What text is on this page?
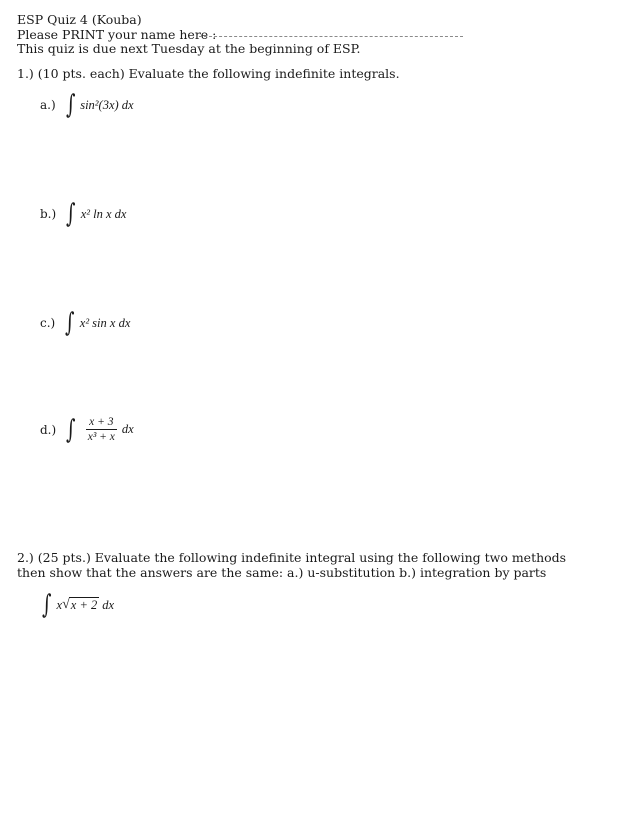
ESP Quiz 4 (Kouba)
Please PRINT your name here :
This quiz is due next Tuesday at the beginning of ESP.
1.) (10 pts. each) Evaluate the following indefinite integrals.
a.) ∫ sin²(3x) dx
b.) ∫ x² ln x dx
c.) ∫ x² sin x dx
d.) ∫ $\frac{x + 3}{\text{x³ + x}}$ dx
2.) (25 pts.) Evaluate the following indefinite integral using the following two methods
then show that the answers are the same: a.) u-substitution b.) integration by parts
∫ x √ x + 2 dx
